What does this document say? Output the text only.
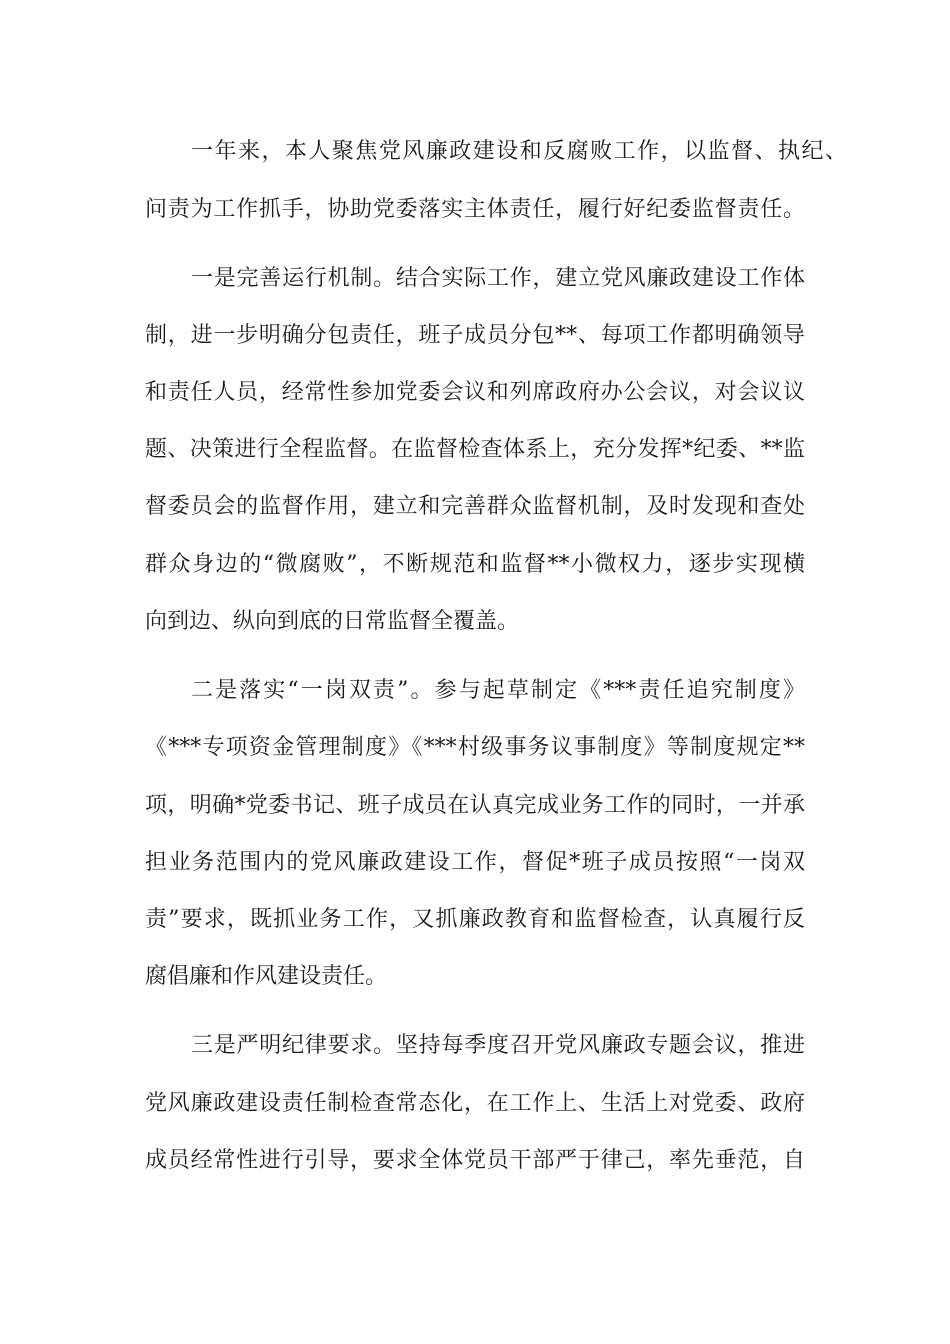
一年来，本人聚焦党风廉政建设和反腐败工作，以监督、执纪、

问责为工作抓手，协助党委落实主体责任，履行好纪委监督责任。

一是完善运行机制。结合实际工作，建立党风廉政建设工作体

制，进一步明确分包责任，班子成员分包**、每项工作都明确领导

和责任人员，经常性参加党委会议和列席政府办公会议，对会议议

题、决策进行全程监督。在监督检查体系上，充分发挥*纪委、**监

督委员会的监督作用，建立和完善群众监督机制，及时发现和查处

群众身边的“微腐败”，不断规范和监督**小微权力，逐步实现横

向到边、纵向到底的日常监督全覆盖。

二是落实“一岗双责”。参与起草制定《***责任追究制度》

《***专项资金管理制度》《***村级事务议事制度》等制度规定**

项，明确*党委书记、班子成员在认真完成业务工作的同时，一并承

担业务范围内的党风廉政建设工作，督促*班子成员按照“一岗双

责”要求，既抓业务工作，又抓廉政教育和监督检查，认真履行反

腐倡廉和作风建设责任。

三是严明纪律要求。坚持每季度召开党风廉政专题会议，推进

党风廉政建设责任制检查常态化，在工作上、生活上对党委、政府

成员经常性进行引导，要求全体党员干部严于律己，率先垂范，自
